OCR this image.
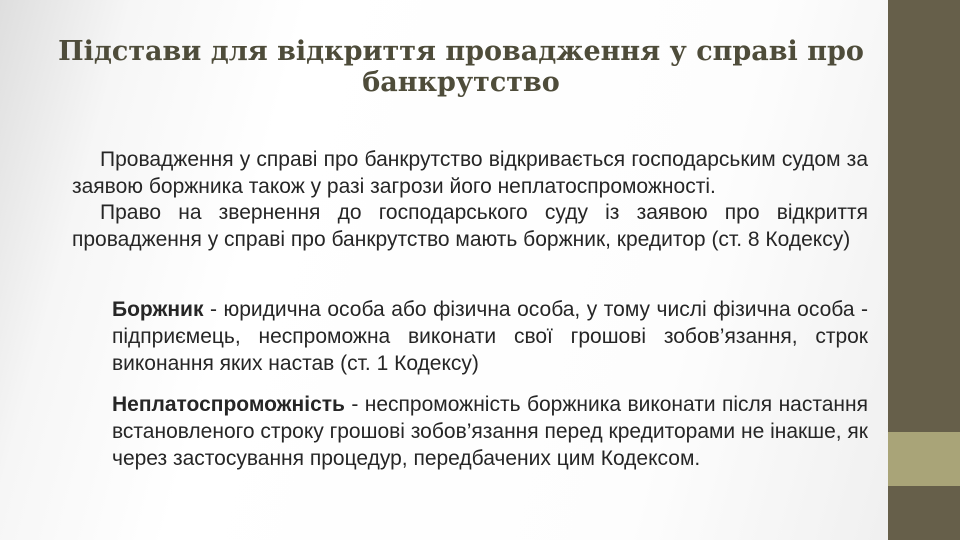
Підстави для відкриття провадження у справі про банкрутство

Провадження у справі про банкрутство відкривається господарським судом за заявою боржника також у разі загрози його неплатоспроможності.

Право на звернення до господарського суду із заявою про відкриття провадження у справі про банкрутство мають боржник, кредитор (ст. 8 Кодексу)

Боржник - юридична особа або фізична особа, у тому числі фізична особа - підприємець, неспроможна виконати свої грошові зобов’язання, строк виконання яких настав (ст. 1 Кодексу)

Неплатоспроможність - неспроможність боржника виконати після настання встановленого строку грошові зобов’язання перед кредиторами не інакше, як через застосування процедур, передбачених цим Кодексом.
